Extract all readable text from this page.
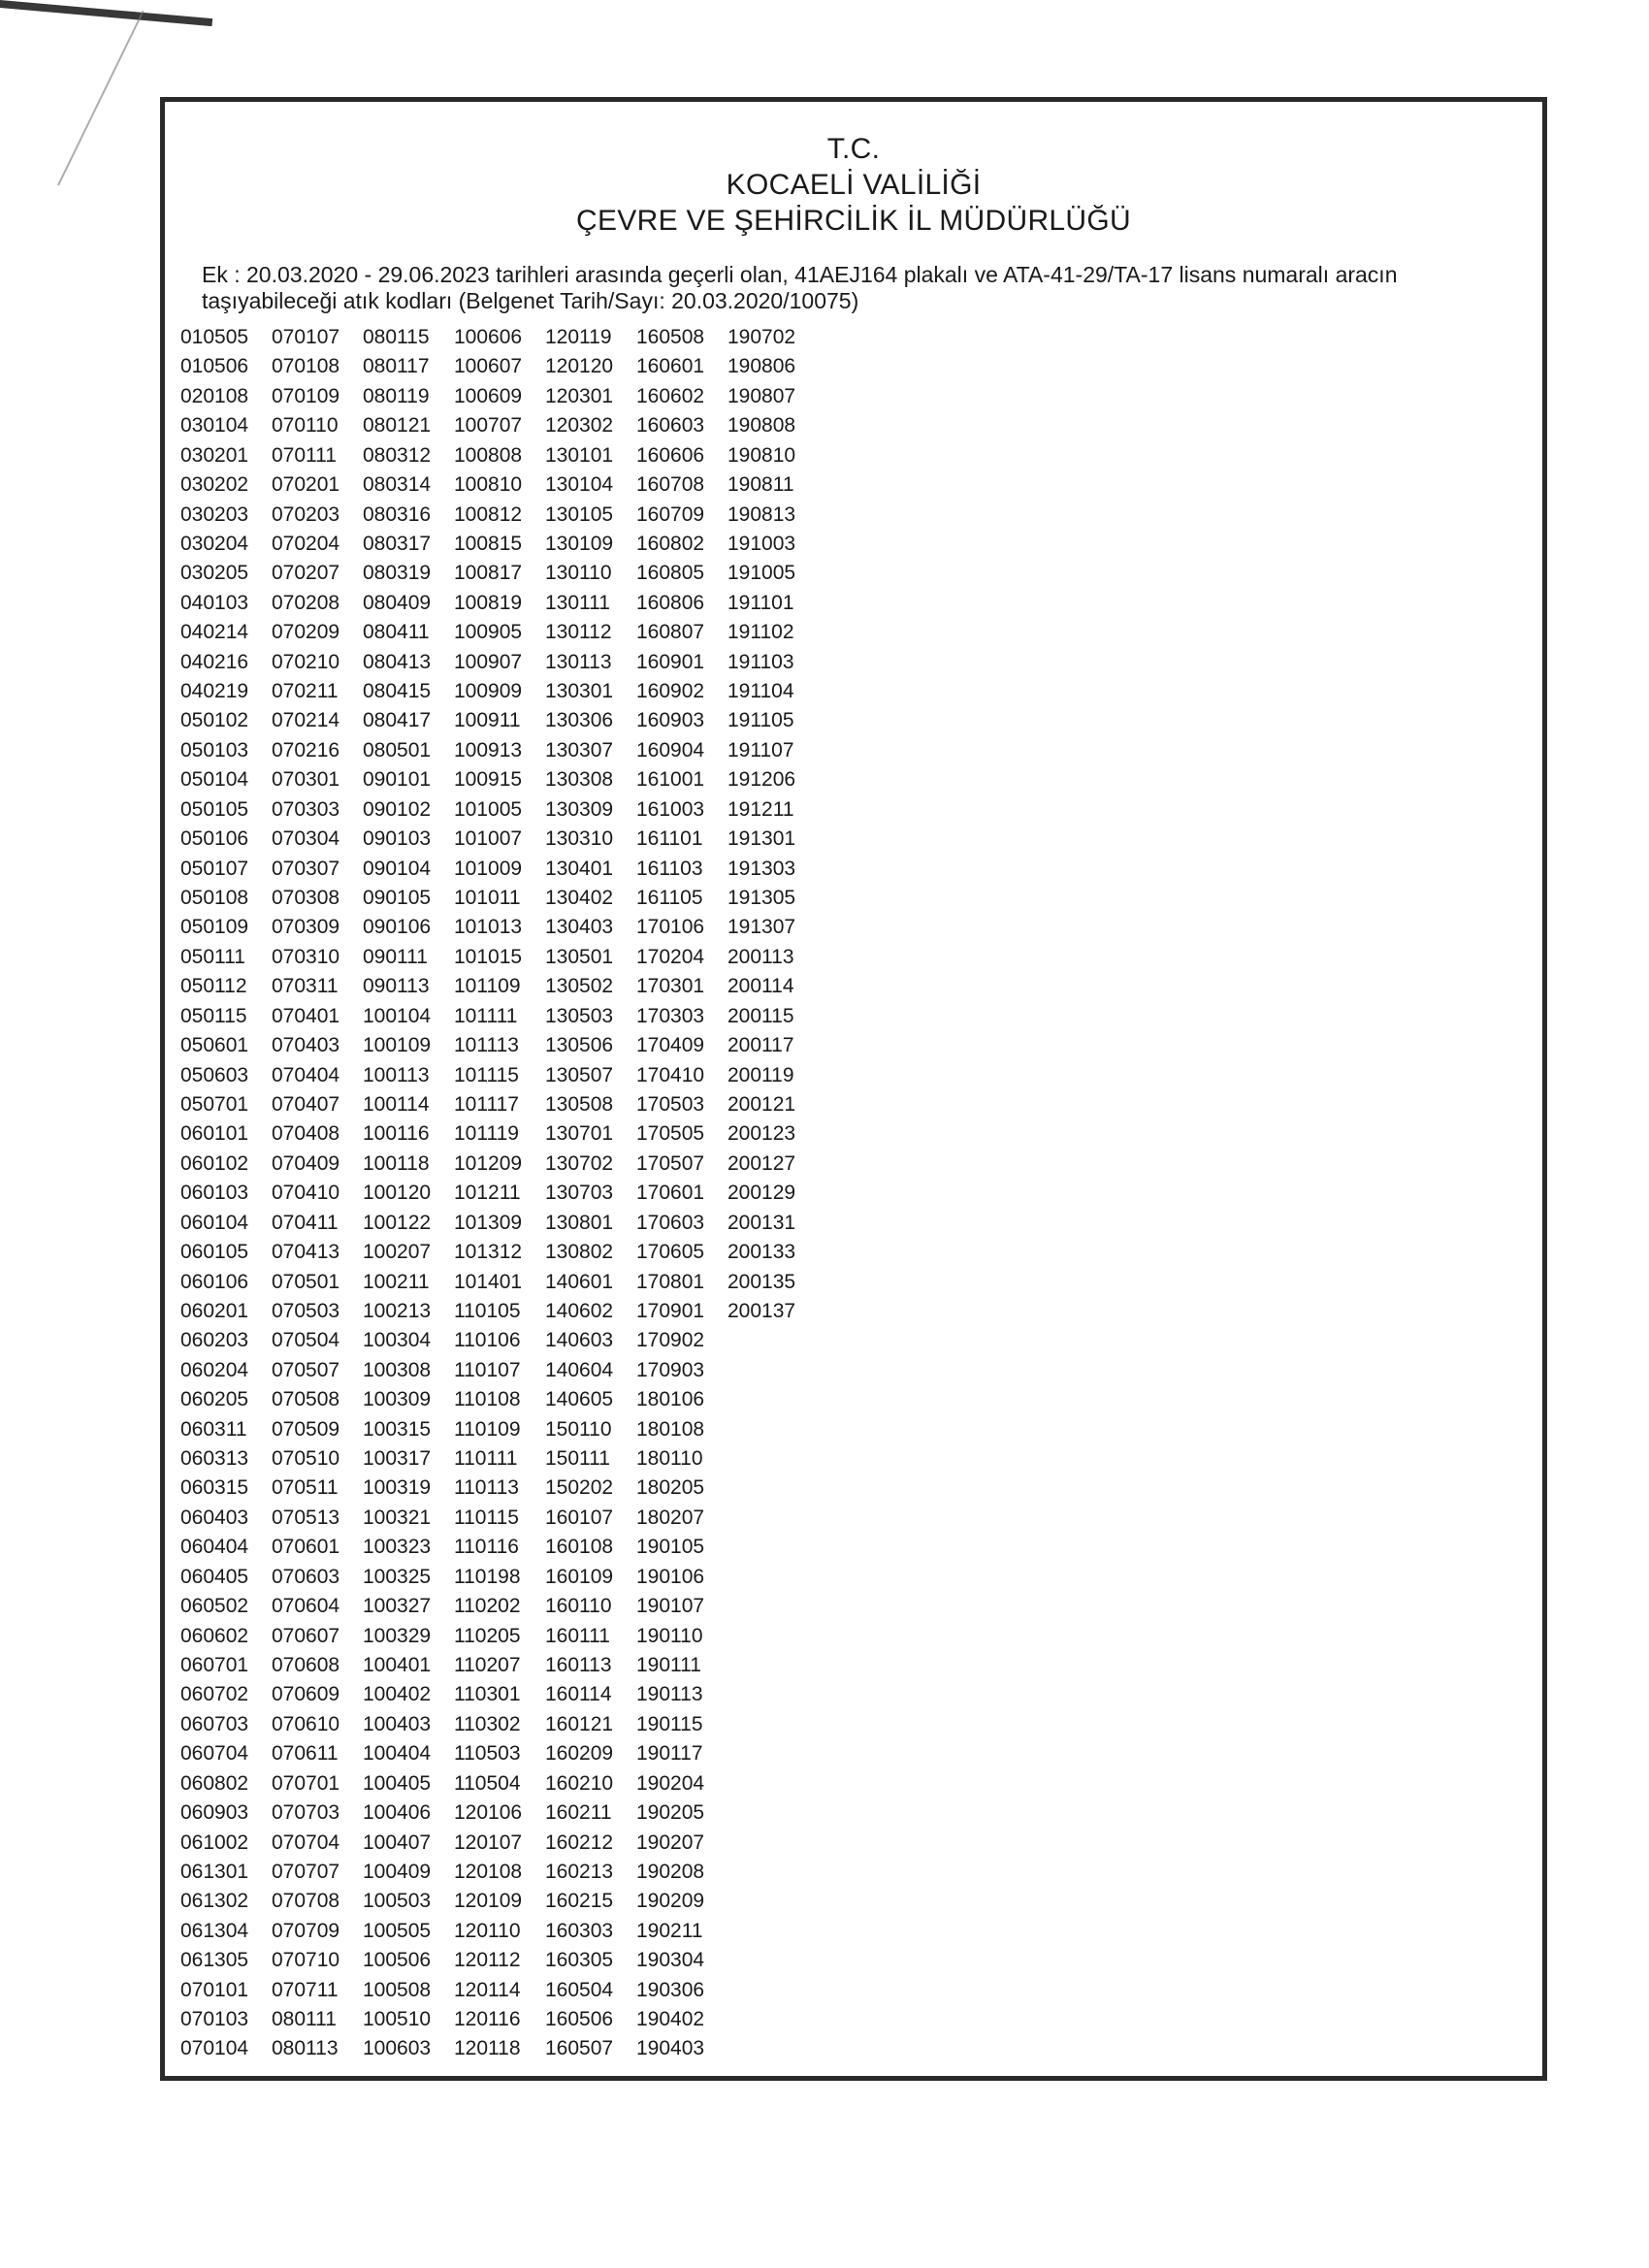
T.C.
KOCAELİ VALİLİĞİ
ÇEVRE VE ŞEHİRCİLİK İL MÜDÜRLÜĞÜ
Ek : 20.03.2020 - 29.06.2023 tarihleri arasında geçerli olan, 41AEJ164 plakalı ve ATA-41-29/TA-17 lisans numaralı aracın
taşıyabileceği atık kodları (Belgenet Tarih/Sayı: 20.03.2020/10075)
010505
010506
020108
030104
030201
030202
030203
030204
030205
040103
040214
040216
040219
050102
050103
050104
050105
050106
050107
050108
050109
050111
050112
050115
050601
050603
050701
060101
060102
060103
060104
060105
060106
060201
060203
060204
060205
060311
060313
060315
060403
060404
060405
060502
060602
060701
060702
060703
060704
060802
060903
061002
061301
061302
061304
061305
070101
070103
070104
070107
070108
070109
070110
070111
070201
070203
070204
070207
070208
070209
070210
070211
070214
070216
070301
070303
070304
070307
070308
070309
070310
070311
070401
070403
070404
070407
070408
070409
070410
070411
070413
070501
070503
070504
070507
070508
070509
070510
070511
070513
070601
070603
070604
070607
070608
070609
070610
070611
070701
070703
070704
070707
070708
070709
070710
070711
080111
080113
080115
080117
080119
080121
080312
080314
080316
080317
080319
080409
080411
080413
080415
080417
080501
090101
090102
090103
090104
090105
090106
090111
090113
100104
100109
100113
100114
100116
100118
100120
100122
100207
100211
100213
100304
100308
100309
100315
100317
100319
100321
100323
100325
100327
100329
100401
100402
100403
100404
100405
100406
100407
100409
100503
100505
100506
100508
100510
100603
100606
100607
100609
100707
100808
100810
100812
100815
100817
100819
100905
100907
100909
100911
100913
100915
101005
101007
101009
101011
101013
101015
101109
101111
101113
101115
101117
101119
101209
101211
101309
101312
101401
110105
110106
110107
110108
110109
110111
110113
110115
110116
110198
110202
110205
110207
110301
110302
110503
110504
120106
120107
120108
120109
120110
120112
120114
120116
120118
120119
120120
120301
120302
130101
130104
130105
130109
130110
130111
130112
130113
130301
130306
130307
130308
130309
130310
130401
130402
130403
130501
130502
130503
130506
130507
130508
130701
130702
130703
130801
130802
140601
140602
140603
140604
140605
150110
150111
150202
160107
160108
160109
160110
160111
160113
160114
160121
160209
160210
160211
160212
160213
160215
160303
160305
160504
160506
160507
160508
160601
160602
160603
160606
160708
160709
160802
160805
160806
160807
160901
160902
160903
160904
161001
161003
161101
161103
161105
170106
170204
170301
170303
170409
170410
170503
170505
170507
170601
170603
170605
170801
170901
170902
170903
180106
180108
180110
180205
180207
190105
190106
190107
190110
190111
190113
190115
190117
190204
190205
190207
190208
190209
190211
190304
190306
190402
190403
190702
190806
190807
190808
190810
190811
190813
191003
191005
191101
191102
191103
191104
191105
191107
191206
191211
191301
191303
191305
191307
200113
200114
200115
200117
200119
200121
200123
200127
200129
200131
200133
200135
200137
